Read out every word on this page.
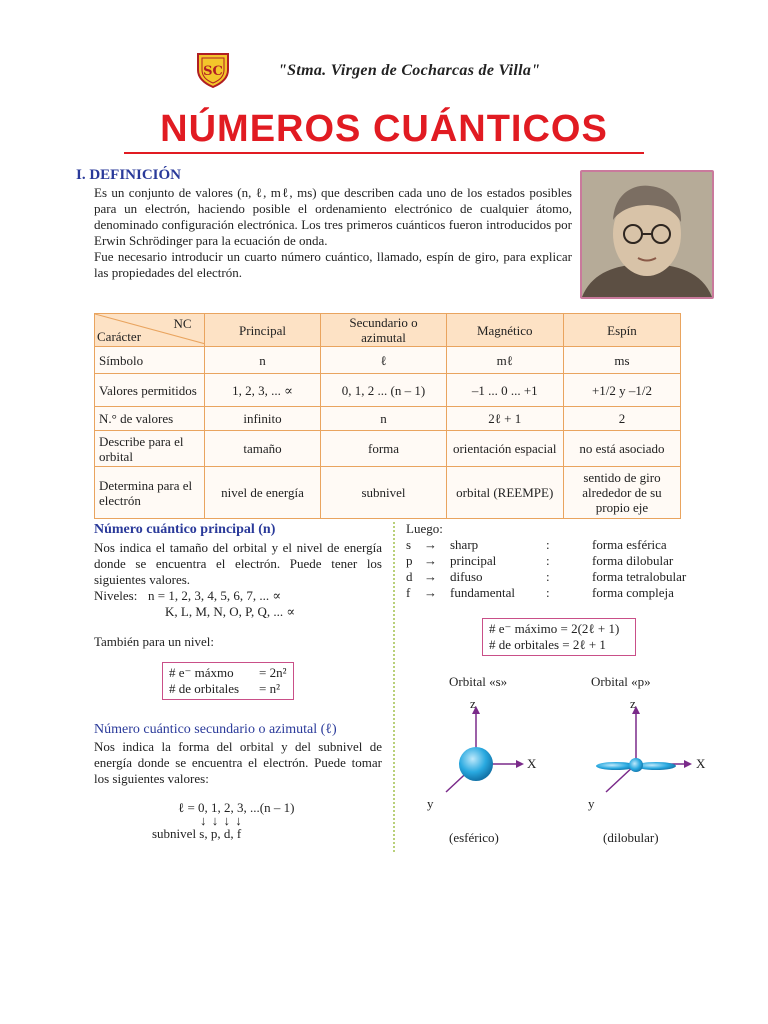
SC	"Stma. Virgen de Cocharcas de Villa"
NÚMEROS CUÁNTICOS
I. DEFINICIÓN
Es un conjunto de valores (n, ℓ, mℓ, ms) que describen cada uno de los estados posibles para un electrón, haciendo posible el ordenamiento electrónico de cualquier átomo, denominado configuración electrónica. Los tres primeros cuánticos fueron introducidos por Erwin Schrödinger para la ecuación de onda.
Fue necesario introducir un cuarto número cuántico, llamado, espín de giro, para explicar las propiedades del electrón.
NC
Carácter	Principal	Secundario o azimutal	Magnético	Espín
Símbolo	n	ℓ	mℓ	ms
Valores permitidos	1, 2, 3, ... ∝	0, 1, 2 ... (n – 1)	–1 ... 0 ... +1	+1/2 y –1/2
N.° de valores	infinito	n	2ℓ + 1	2
Describe para el orbital	tamaño	forma	orientación espacial	no está asociado
Determina para el electrón	nivel de energía	subnivel	orbital (REEMPE)	sentido de giro alrededor de su propio eje
Número cuántico principal (n)
Nos indica el tamaño del orbital y el nivel de energía donde se encuentra el electrón. Puede tener los siguientes valores.
Niveles: n = 1, 2, 3, 4, 5, 6, 7, ... ∝
K, L, M, N, O, P, Q, ... ∝
También para un nivel:
# e⁻ máxmo = 2n²
# de orbitales = n²
Número cuántico secundario o azimutal (ℓ)
Nos indica la forma del orbital y del subnivel de energía donde se encuentra el electrón. Puede tomar los siguientes valores:
ℓ = 0, 1, 2, 3, ...(n – 1)
↓ ↓ ↓ ↓
subnivel s, p, d, f
Luego:
s	→	sharp	:	forma esférica
p	→	principal	:	forma dilobular
d	→	difuso	:	forma tetralobular
f	→	fundamental	:	forma compleja
# e⁻ máximo = 2(2ℓ + 1)
# de orbitales = 2ℓ + 1
Orbital «s»	Orbital «p»
z
X
y
z
X
y
(esférico)	(dilobular)
